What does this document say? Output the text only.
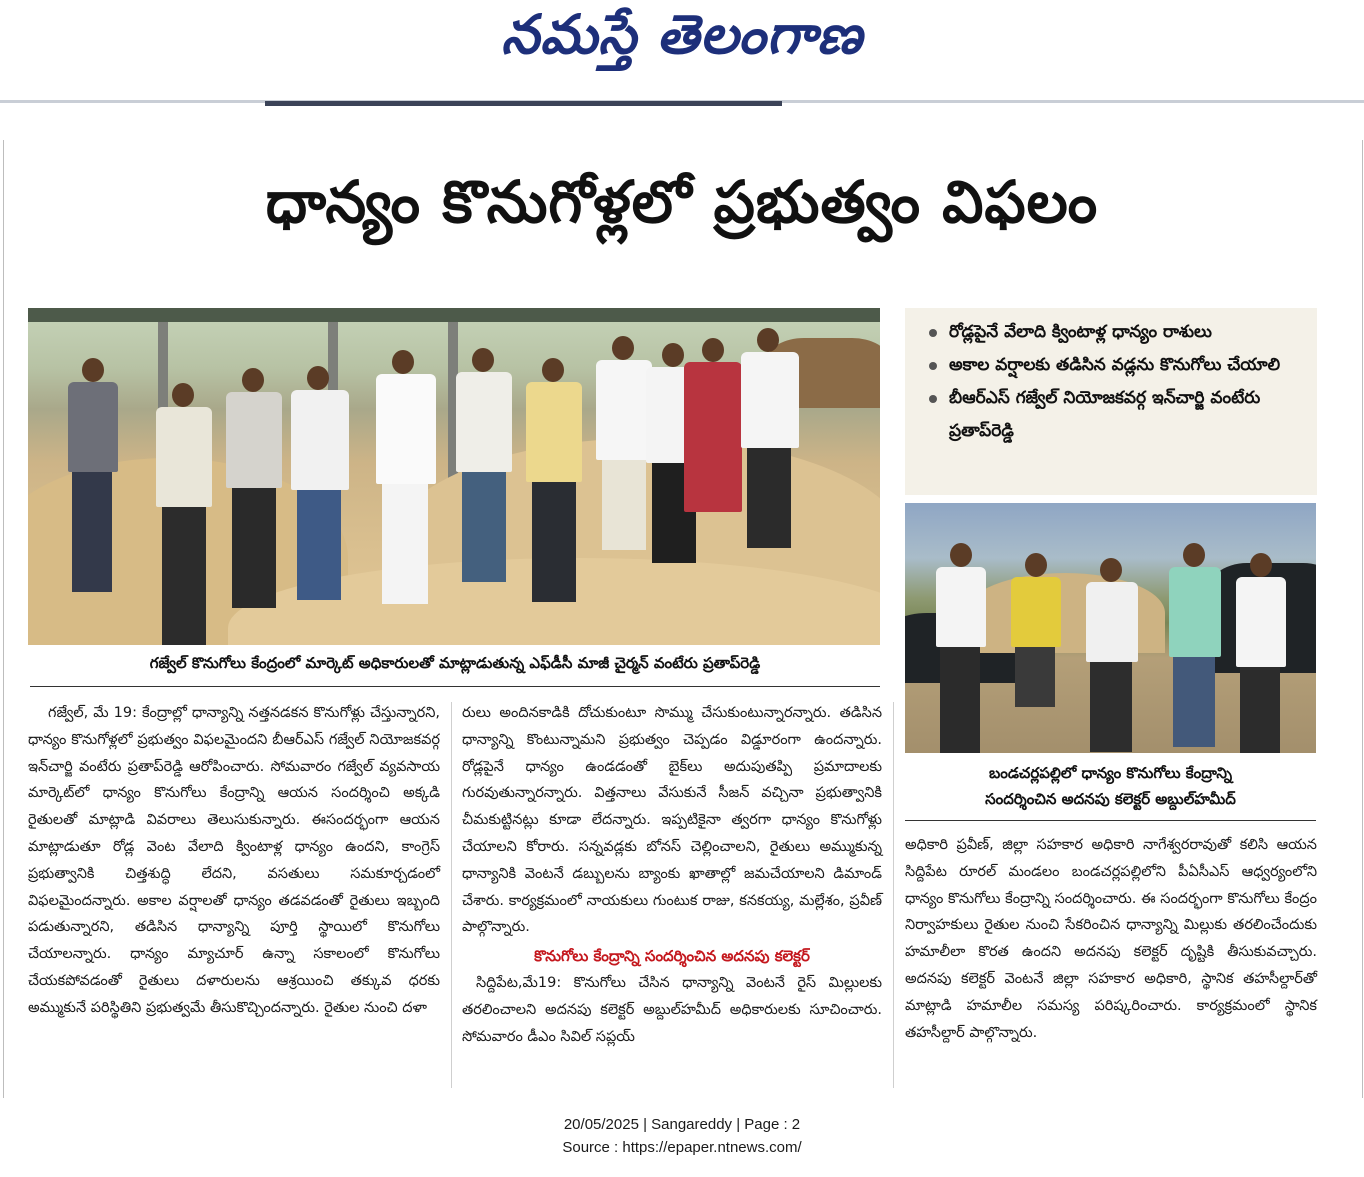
నమస్తే తెలంగాణ
ధాన్యం కొనుగోళ్లలో ప్రభుత్వం విఫలం
రోడ్లపైనే వేలాది క్వింటాళ్ల ధాన్యం రాశులు
అకాల వర్షాలకు తడిసిన వడ్లను కొనుగోలు చేయాలి
బీఆర్ఎస్ గజ్వేల్ నియోజకవర్గ ఇన్‌చార్జి వంటేరు ప్రతాప్‌రెడ్డి
గజ్వేల్ కొనుగోలు కేంద్రంలో మార్కెట్ అధికారులతో మాట్లాడుతున్న ఎఫ్‌డీసీ మాజీ చైర్మన్ వంటేరు ప్రతాప్‌రెడ్డి
బండచర్లపల్లిలో ధాన్యం కొనుగోలు కేంద్రాన్ని
సందర్శించిన అదనపు కలెక్టర్ అబ్దుల్‌హమీద్

గజ్వేల్, మే 19: కేంద్రాల్లో ధాన్యాన్ని నత్తనడకన కొనుగోళ్లు చేస్తున్నారని, ధాన్యం కొనుగోళ్లలో ప్రభుత్వం విఫలమైందని బీఆర్ఎస్ గజ్వేల్ నియోజకవర్గ ఇన్‌చార్జి వంటేరు ప్రతాప్‌రెడ్డి ఆరోపించారు. సోమవారం గజ్వేల్ వ్యవసాయ మార్కెట్‌లో ధాన్యం కొనుగోలు కేంద్రాన్ని ఆయన సందర్శించి అక్కడి రైతులతో మాట్లాడి వివరాలు తెలుసుకున్నారు. ఈసందర్భంగా ఆయన మాట్లాడుతూ రోడ్ల వెంట వేలాది క్వింటాళ్ల ధాన్యం ఉందని, కాంగ్రెస్ ప్రభుత్వానికి చిత్తశుద్ధి లేదని, వసతులు సమకూర్చడంలో విఫలమైందన్నారు. అకాల వర్షాలతో ధాన్యం తడవడంతో రైతులు ఇబ్బంది పడుతున్నారని, తడిసిన ధాన్యాన్ని పూర్తి స్థాయిలో కొనుగోలు చేయాలన్నారు. ధాన్యం మ్యాచూర్ ఉన్నా సకాలంలో కొనుగోలు చేయకపోవడంతో రైతులు దళారులను ఆశ్రయించి తక్కువ ధరకు అమ్ముకునే పరిస్థితిని ప్రభుత్వమే తీసుకొచ్చిందన్నారు. రైతుల నుంచి దళా

రులు అందినకాడికి దోచుకుంటూ సొమ్ము చేసుకుంటున్నారన్నారు. తడిసిన ధాన్యాన్ని కొంటున్నామని ప్రభుత్వం చెప్పడం విడ్డూరంగా ఉందన్నారు. రోడ్లపైనే ధాన్యం ఉండడంతో బైక్‌లు అదుపుతప్పి ప్రమాదాలకు గురవుతున్నారన్నారు. విత్తనాలు వేసుకునే సీజన్ వచ్చినా ప్రభుత్వానికి చీమకుట్టినట్లు కూడా లేదన్నారు. ఇప్పటికైనా త్వరగా ధాన్యం కొనుగోళ్లు చేయాలని కోరారు. సన్నవడ్లకు బోనస్ చెల్లించాలని, రైతులు అమ్ముకున్న ధాన్యానికి వెంటనే డబ్బులను బ్యాంకు ఖాతాల్లో జమచేయాలని డిమాండ్ చేశారు. కార్యక్రమంలో నాయకులు గుంటుక రాజు, కనకయ్య, మల్లేశం, ప్రవీణ్ పాల్గొన్నారు.

కొనుగోలు కేంద్రాన్ని సందర్శించిన అదనపు కలెక్టర్

సిద్దిపేట,మే19: కొనుగోలు చేసిన ధాన్యాన్ని వెంటనే రైస్ మిల్లులకు తరలించాలని అదనపు కలెక్టర్ అబ్దుల్‌హమీద్ అధికారులకు సూచించారు. సోమవారం డీఎం సివిల్ సప్లయ్

అధికారి ప్రవీణ్, జిల్లా సహకార అధికారి నాగేశ్వరరావుతో కలిసి ఆయన సిద్దిపేట రూరల్ మండలం బండచర్లపల్లిలోని పీఏసీఎస్ ఆధ్వర్యంలోని ధాన్యం కొనుగోలు కేంద్రాన్ని సందర్శించారు. ఈ సందర్భంగా కొనుగోలు కేంద్రం నిర్వాహకులు రైతుల నుంచి సేకరించిన ధాన్యాన్ని మిల్లుకు తరలించేందుకు హమాలీలా కొరత ఉందని అదనపు కలెక్టర్ దృష్టికి తీసుకువచ్చారు. అదనపు కలెక్టర్ వెంటనే జిల్లా సహకార అధికారి, స్థానిక తహసీల్దార్‌తో మాట్లాడి హమాలీల సమస్య పరిష్కరించారు. కార్యక్రమంలో స్థానిక తహసీల్దార్ పాల్గొన్నారు.

20/05/2025 | Sangareddy | Page : 2
Source : https://epaper.ntnews.com/
